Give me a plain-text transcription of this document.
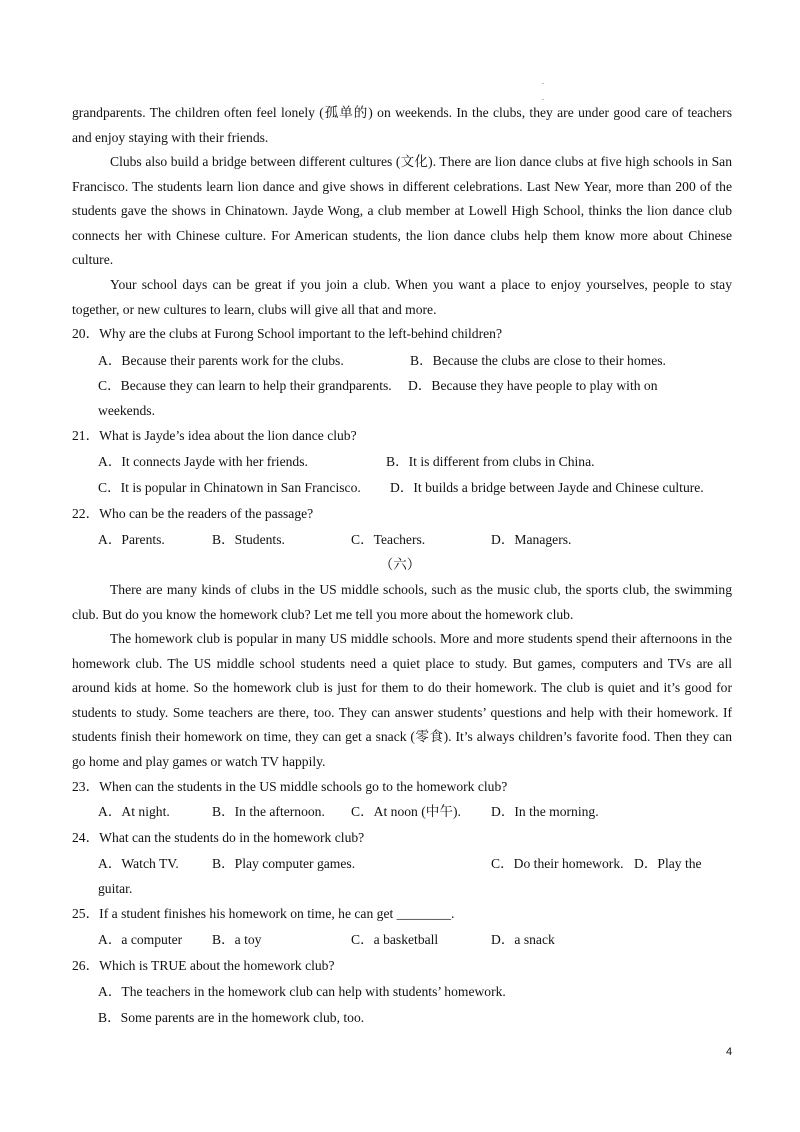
.
.

grandparents. The children often feel lonely (孤单的) on weekends. In the clubs, they are under good care of teachers and enjoy staying with their friends.

Clubs also build a bridge between different cultures (文化). There are lion dance clubs at five high schools in San Francisco. The students learn lion dance and give shows in different celebrations. Last New Year, more than 200 of the students gave the shows in Chinatown. Jayde Wong, a club member at Lowell High School, thinks the lion dance club connects her with Chinese culture. For American students, the lion dance clubs help them know more about Chinese culture.

Your school days can be great if you join a club. When you want a place to enjoy yourselves, people to stay together, or new cultures to learn, clubs will give all that and more.

20．Why are the clubs at Furong School important to the left-behind children?

A．Because their parents work for the clubs.	B．Because the clubs are close to their homes.
C．Because they can learn to help their grandparents. D．Because they have people to play with on
weekends.

21．What is Jayde’s idea about the lion dance club?

A．It connects Jayde with her friends.	B．It is different from clubs in China.
C．It is popular in Chinatown in San Francisco. D．It builds a bridge between Jayde and Chinese culture.

22．Who can be the readers of the passage?

A．Parents.	B．Students.	C．Teachers.	D．Managers.
（六）

There are many kinds of clubs in the US middle schools, such as the music club, the sports club, the swimming club. But do you know the homework club? Let me tell you more about the homework club.

The homework club is popular in many US middle schools. More and more students spend their afternoons in the homework club. The US middle school students need a quiet place to study. But games, computers and TVs are all around kids at home. So the homework club is just for them to do their homework. The club is quiet and it’s good for students to study. Some teachers are there, too. They can answer students’ questions and help with their homework. If students finish their homework on time, they can get a snack (零食). It’s always children’s favorite food. Then they can go home and play games or watch TV happily.

23．When can the students in the US middle schools go to the homework club?

A．At night.	B．In the afternoon. C．At noon (中午). D．In the morning.

24．What can the students do in the homework club?

A．Watch TV. B．Play computer games.	C．Do their homework. D．Play the
guitar.

25．If a student finishes his homework on time, he can get ________.

A．a computer B．a toy	C．a basketball	D．a snack

26．Which is TRUE about the homework club?

A．The teachers in the homework club can help with students’ homework.
B．Some parents are in the homework club, too.
4
